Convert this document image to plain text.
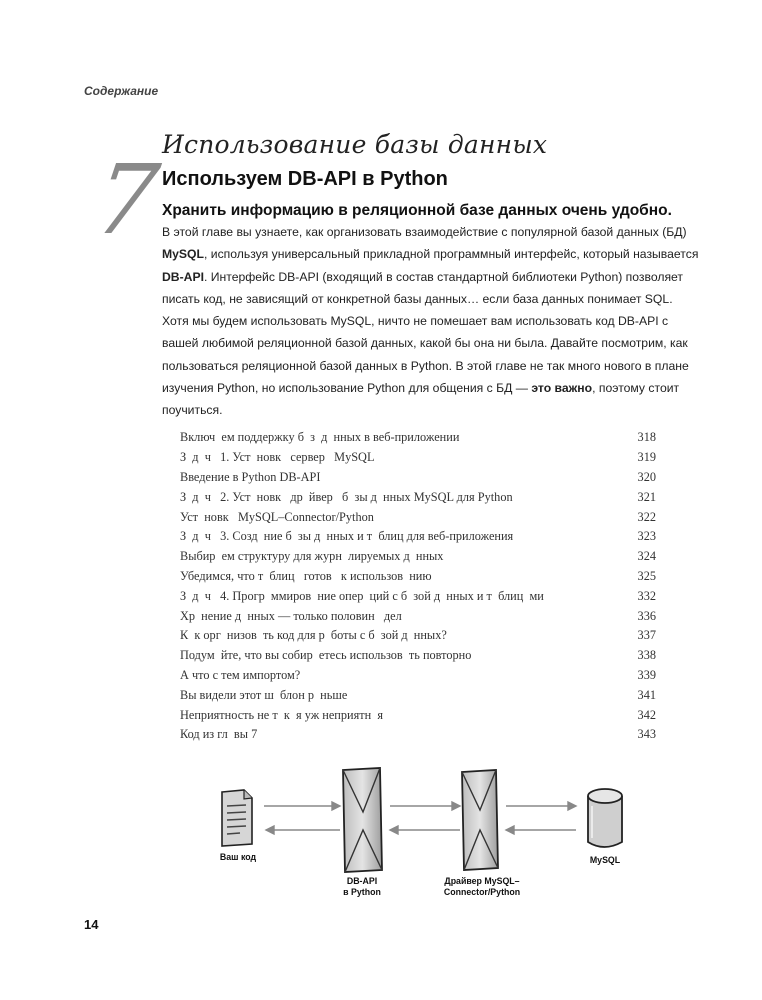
Содержание
7
Использование базы данных
Используем DB-API в Python
Хранить информацию в реляционной базе данных очень удобно.
В этой главе вы узнаете, как организовать взаимодействие с популярной базой данных (БД) MySQL, используя универсальный прикладной программный интерфейс, который называется DB-API. Интерфейс DB-API (входящий в состав стандартной библиотеки Python) позволяет писать код, не зависящий от конкретной базы данных… если база данных понимает SQL. Хотя мы будем использовать MySQL, ничто не помешает вам использовать код DB-API с вашей любимой реляционной базой данных, какой бы она ни была. Давайте посмотрим, как пользоваться реляционной базой данных в Python. В этой главе не так много нового в плане изучения Python, но использование Python для общения с БД — это важно, поэтому стоит поучиться.
Включ  ем поддержку б  з  д  нных в веб-приложении	318
З  д  ч   1. Уст  новк   сервер   MySQL	319
Введение в Python DB-API	320
З  д  ч   2. Уст  новк   др  йвер   б  зы д  нных MySQL для Python	321
Уст  новк   MySQL–Connector/Python	322
З  д  ч   3. Созд  ние б  зы д  нных и т  блиц для веб-приложения	323
Выбир  ем структуру для журн  лируемых д  нных	324
Убедимся, что т  блиц   готов   к использов  нию	325
З  д  ч   4. Прогр  ммиров  ние опер  ций с б  зой д  нных и т  блиц  ми	332
Хр  нение д  нных — только половин   дел	336
К  к орг  низов  ть код для р  боты с б  зой д  нных?	337
Подум  йте, что вы собир  етесь использов  ть повторно	338
А что с тем импортом?	339
Вы видели этот ш  блон р  ньше	341
Неприятность не т  к  я уж неприятн  я	342
Код из гл  вы 7	343
Ваш код
DB-API
в Python
Драйвер MySQL–
Connector/Python
MySQL
14
